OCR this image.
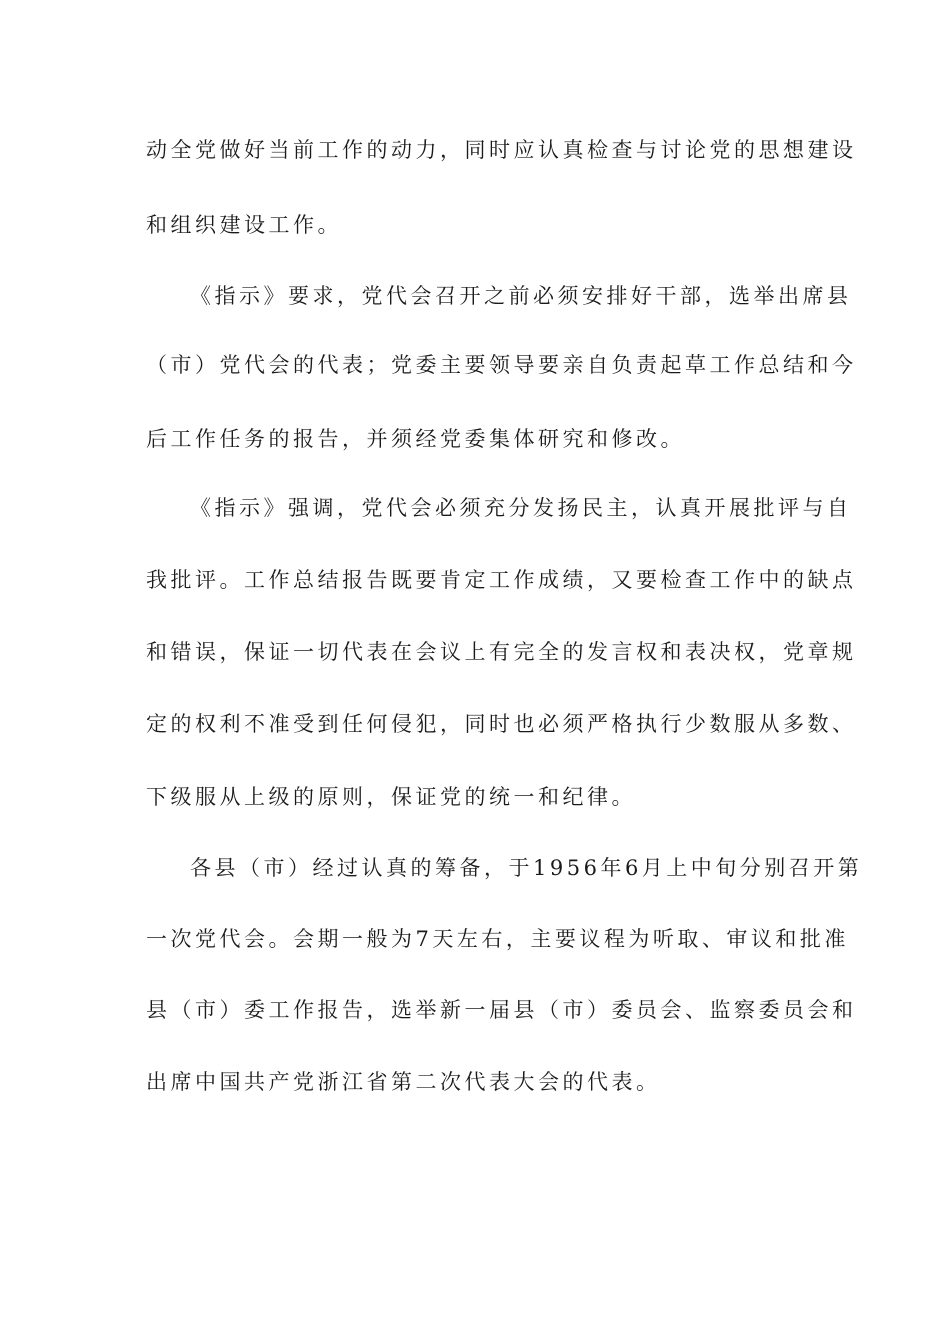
动全党做好当前工作的动力，同时应认真检查与讨论党的思想建设
和组织建设工作。
《指示》要求，党代会召开之前必须安排好干部，选举出席县
（市）党代会的代表；党委主要领导要亲自负责起草工作总结和今
后工作任务的报告，并须经党委集体研究和修改。
《指示》强调，党代会必须充分发扬民主，认真开展批评与自
我批评。工作总结报告既要肯定工作成绩，又要检查工作中的缺点
和错误，保证一切代表在会议上有完全的发言权和表决权，党章规
定的权利不准受到任何侵犯，同时也必须严格执行少数服从多数、
下级服从上级的原则，保证党的统一和纪律。
各县（市）经过认真的筹备，于1956年6月上中旬分别召开第
一次党代会。会期一般为7天左右，主要议程为听取、审议和批准
县（市）委工作报告，选举新一届县（市）委员会、监察委员会和
出席中国共产党浙江省第二次代表大会的代表。
